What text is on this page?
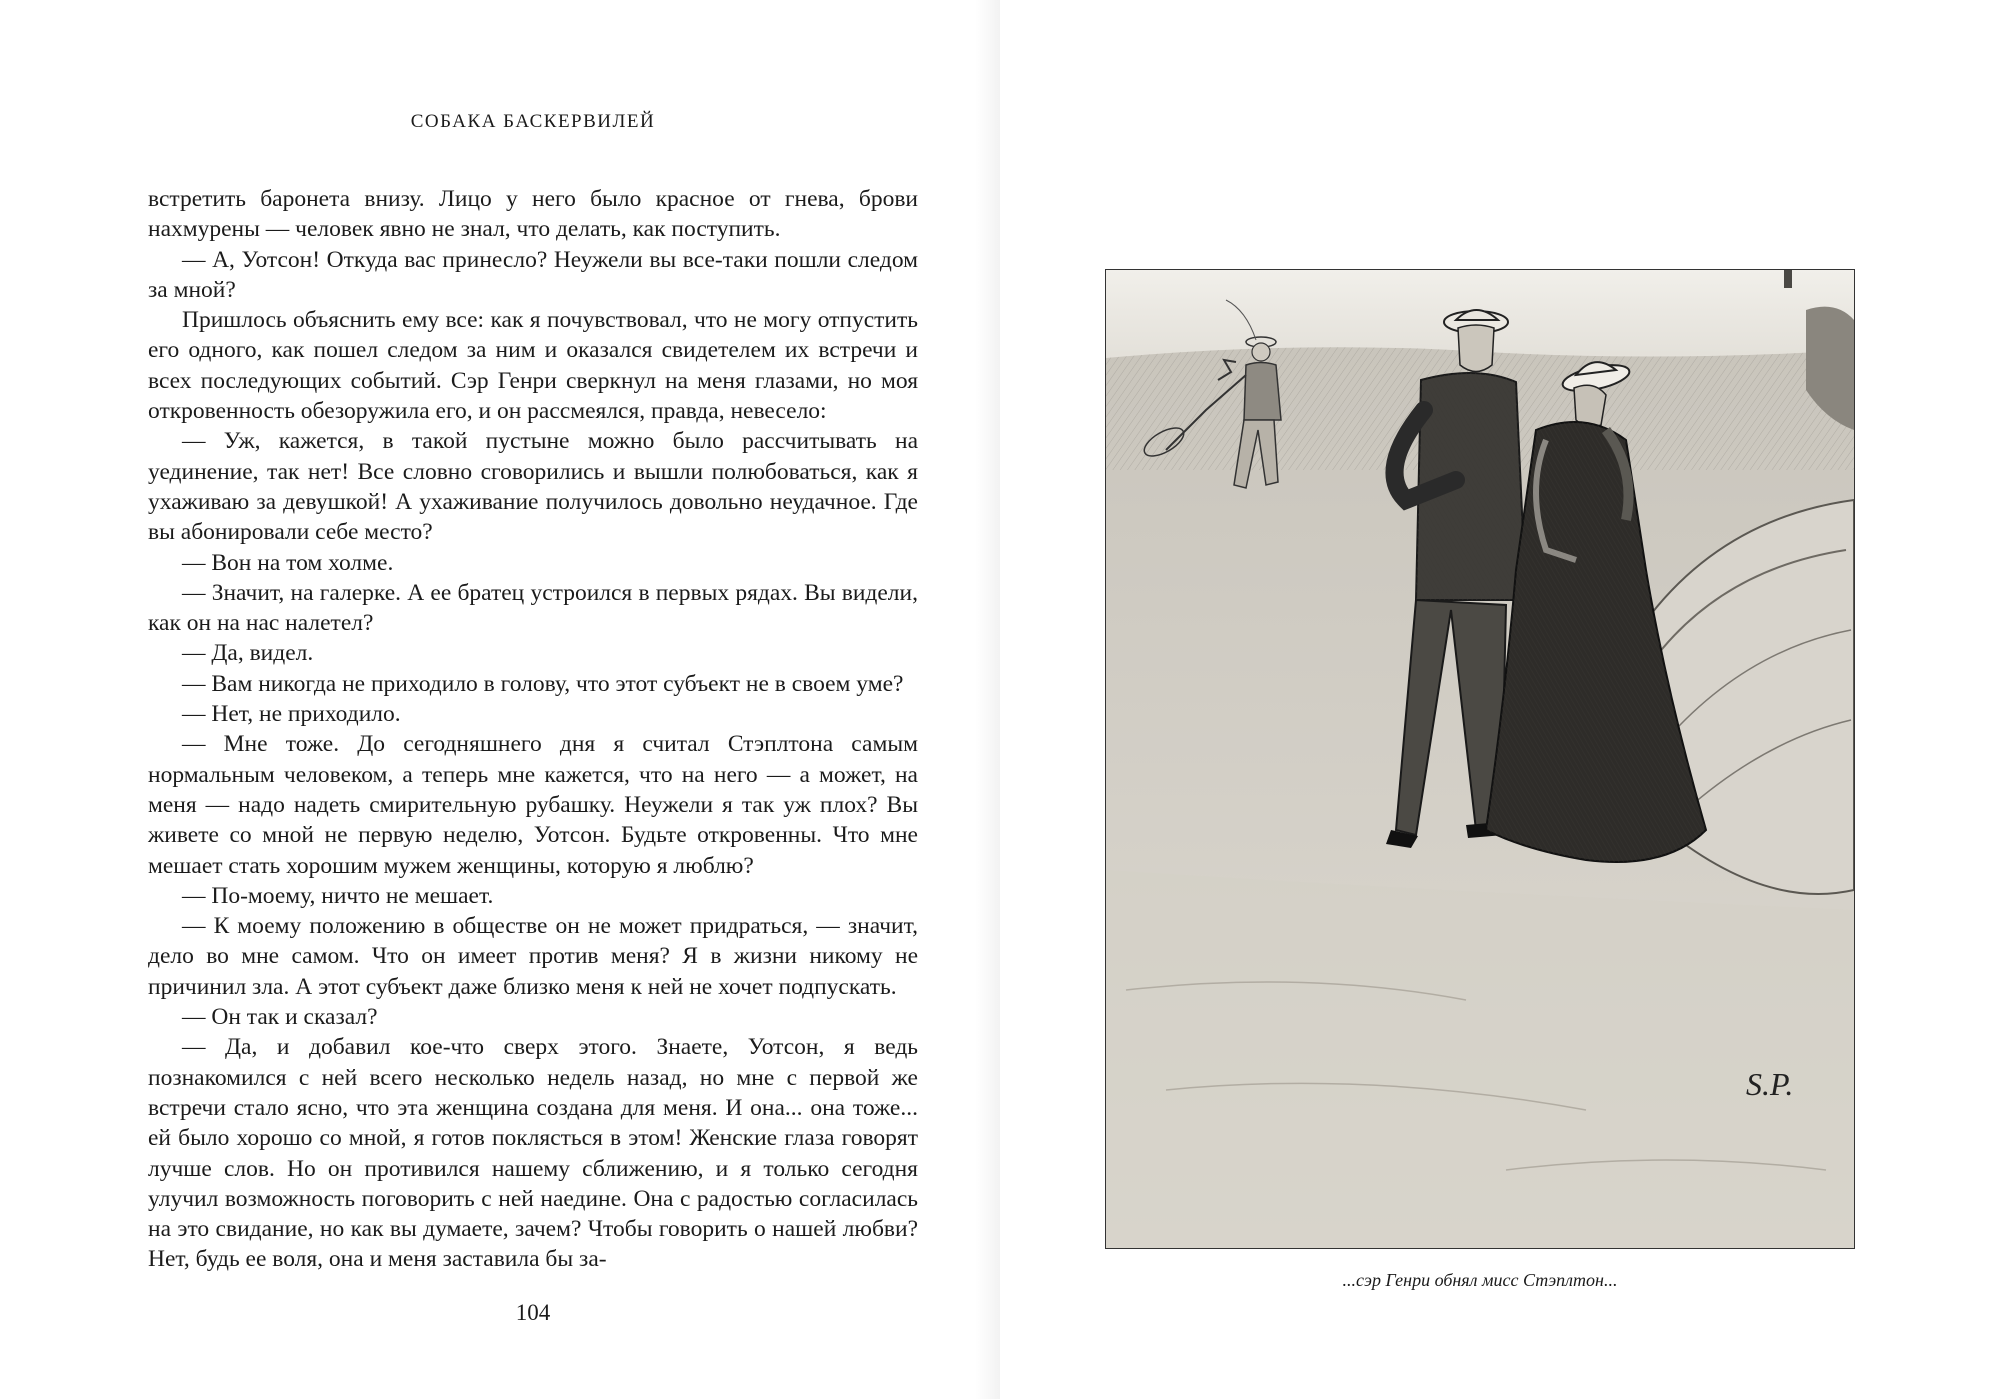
СОБАКА БАСКЕРВИЛЕЙ

встретить баронета внизу. Лицо у него было красное от гнева, брови нахмурены — человек явно не знал, что делать, как поступить.

— А, Уотсон! Откуда вас принесло? Неужели вы все-таки пошли следом за мной?

Пришлось объяснить ему все: как я почувствовал, что не могу отпустить его одного, как пошел следом за ним и оказался свидетелем их встречи и всех последующих событий. Сэр Генри сверкнул на меня глазами, но моя откровенность обезоружила его, и он рассмеялся, правда, невесело:

— Уж, кажется, в такой пустыне можно было рассчитывать на уединение, так нет! Все словно сговорились и вышли полюбоваться, как я ухаживаю за девушкой! А ухаживание получилось довольно неудачное. Где вы абонировали себе место?

— Вон на том холме.

— Значит, на галерке. А ее братец устроился в первых рядах. Вы видели, как он на нас налетел?

— Да, видел.

— Вам никогда не приходило в голову, что этот субъект не в своем уме?

— Нет, не приходило.

— Мне тоже. До сегодняшнего дня я считал Стэплтона самым нормальным человеком, а теперь мне кажется, что на него — а может, на меня — надо надеть смирительную рубашку. Неужели я так уж плох? Вы живете со мной не первую неделю, Уотсон. Будьте откровенны. Что мне мешает стать хорошим мужем женщины, которую я люблю?

— По-моему, ничто не мешает.

— К моему положению в обществе он не может придраться, — значит, дело во мне самом. Что он имеет против меня? Я в жизни никому не причинил зла. А этот субъект даже близко меня к ней не хочет подпускать.

— Он так и сказал?

— Да, и добавил кое-что сверх этого. Знаете, Уотсон, я ведь познакомился с ней всего несколько недель назад, но мне с первой же встречи стало ясно, что эта женщина создана для меня. И она... она тоже... ей было хорошо со мной, я готов поклясться в этом! Женские глаза говорят лучше слов. Но он противился нашему сближению, и я только сегодня улучил возможность поговорить с ней наедине. Она с радостью согласилась на это свидание, но как вы думаете, зачем? Чтобы говорить о нашей любви? Нет, будь ее воля, она и меня заставила бы за-

104
S.P.
...сэр Генри обнял мисс Стэплтон...
